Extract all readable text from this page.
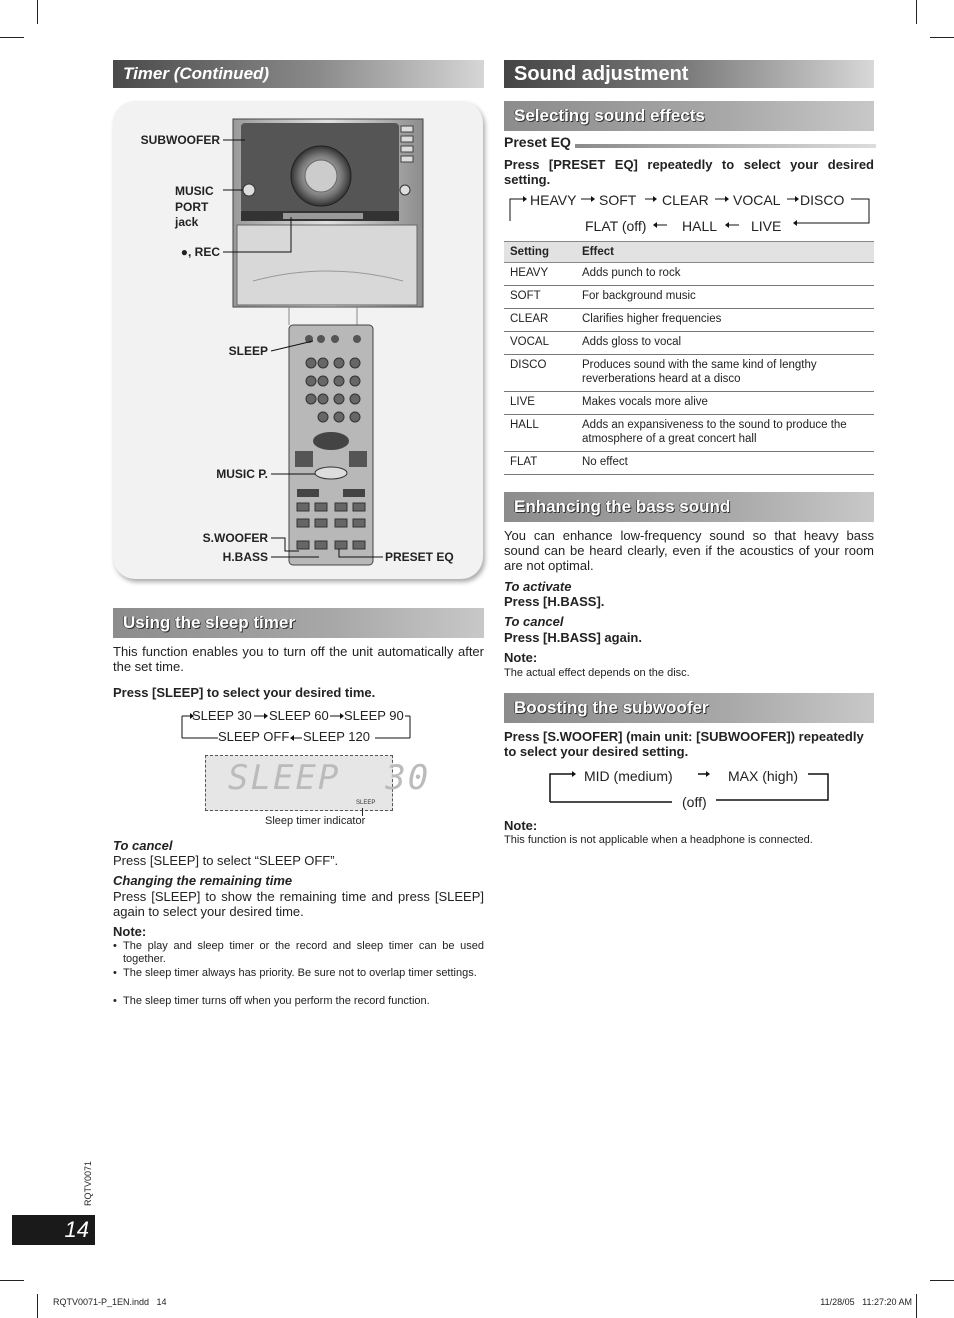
Timer (Continued)
SUBWOOFER
MUSIC
PORT
jack
●, REC
SLEEP
MUSIC P.
S.WOOFER
H.BASS	PRESET EQ
Using the sleep timer
This function enables you to turn off the unit automatically after the set time.
Press [SLEEP] to select your desired time.
SLEEP 30 SLEEP 60 SLEEP 90
SLEEP 120
SLEEP OFF
SLEEP  30
SLEEP
Sleep timer indicator
To cancel
Press [SLEEP] to select “SLEEP OFF”.
Changing the remaining time
Press [SLEEP] to show the remaining time and press [SLEEP] again to select your desired time.
Note:
• The play and sleep timer or the record and sleep timer can be used together.
• The sleep timer always has priority. Be sure not to overlap timer settings.
• The sleep timer turns off when you perform the record function.
RQTV0071
14
Sound adjustment
Selecting sound effects
Preset EQ
Press [PRESET EQ] repeatedly to select your desired setting.
HEAVY SOFT CLEAR VOCAL DISCO
FLAT (off)	HALL LIVE
Setting	Effect
HEAVY	Adds punch to rock
SOFT	For background music
CLEAR	Clarifies higher frequencies
VOCAL	Adds gloss to vocal
DISCO	Produces sound with the same kind of lengthy reverberations heard at a disco
LIVE	Makes vocals more alive
HALL	Adds an expansiveness to the sound to produce the atmosphere of a great concert hall
FLAT	No effect
Enhancing the bass sound
You can enhance low-frequency sound so that heavy bass sound can be heard clearly, even if the acoustics of your room are not optimal.
To activate
Press [H.BASS].
To cancel
Press [H.BASS] again.
Note:
The actual effect depends on the disc.
Boosting the subwoofer
Press [S.WOOFER] (main unit: [SUBWOOFER]) repeatedly to select your desired setting.
MID (medium)	MAX (high)
(off)
Note:
This function is not applicable when a headphone is connected.
RQTV0071-P_1EN.indd   14	11/28/05   11:27:20 AM
